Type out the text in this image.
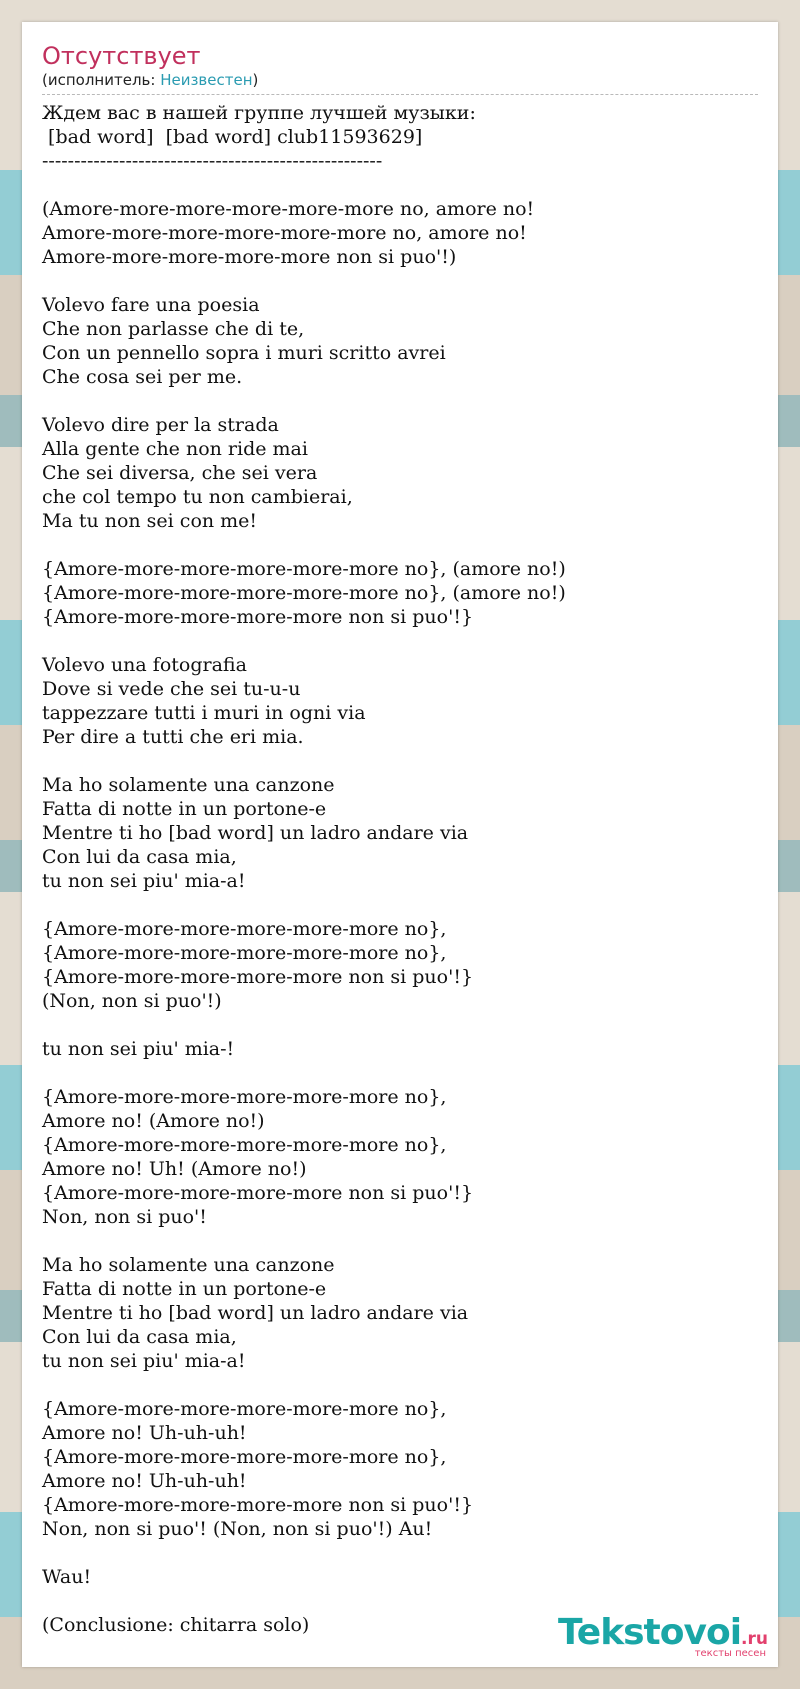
Отсутствует
(исполнитель: Неизвестен)
Ждем вас в нашей группе лучшей музыки:
[bad word]  [bad word] club11593629]
-----------------------------------------------------

(Amore-more-more-more-more-more no, amore no!
Amore-more-more-more-more-more no, amore no!
Amore-more-more-more-more non si puo'!)

Volevo fare una poesia
Che non parlasse che di te,
Con un pennello sopra i muri scritto avrei
Che cosa sei per me.

Volevo dire per la strada
Alla gente che non ride mai
Che sei diversa, che sei vera
che col tempo tu non cambierai,
Ma tu non sei con me!

{Amore-more-more-more-more-more no}, (amore no!)
{Amore-more-more-more-more-more no}, (amore no!)
{Amore-more-more-more-more non si puo'!}

Volevo una fotografia
Dove si vede che sei tu-u-u
tappezzare tutti i muri in ogni via
Per dire a tutti che eri mia.

Ma ho solamente una canzone
Fatta di notte in un portone-e
Mentre ti ho [bad word] un ladro andare via
Con lui da casa mia,
tu non sei piu' mia-a!

{Amore-more-more-more-more-more no},
{Amore-more-more-more-more-more no},
{Amore-more-more-more-more non si puo'!}
(Non, non si puo'!)

tu non sei piu' mia-!

{Amore-more-more-more-more-more no},
Amore no! (Amore no!)
{Amore-more-more-more-more-more no},
Amore no! Uh! (Amore no!)
{Amore-more-more-more-more non si puo'!}
Non, non si puo'!

Ma ho solamente una canzone
Fatta di notte in un portone-e
Mentre ti ho [bad word] un ladro andare via
Con lui da casa mia,
tu non sei piu' mia-a!

{Amore-more-more-more-more-more no},
Amore no! Uh-uh-uh!
{Amore-more-more-more-more-more no},
Amore no! Uh-uh-uh!
{Amore-more-more-more-more non si puo'!}
Non, non si puo'! (Non, non si puo'!) Au!

Wau!

(Conclusione: chitarra solo)	Tekstovoi.ru
тексты песен
